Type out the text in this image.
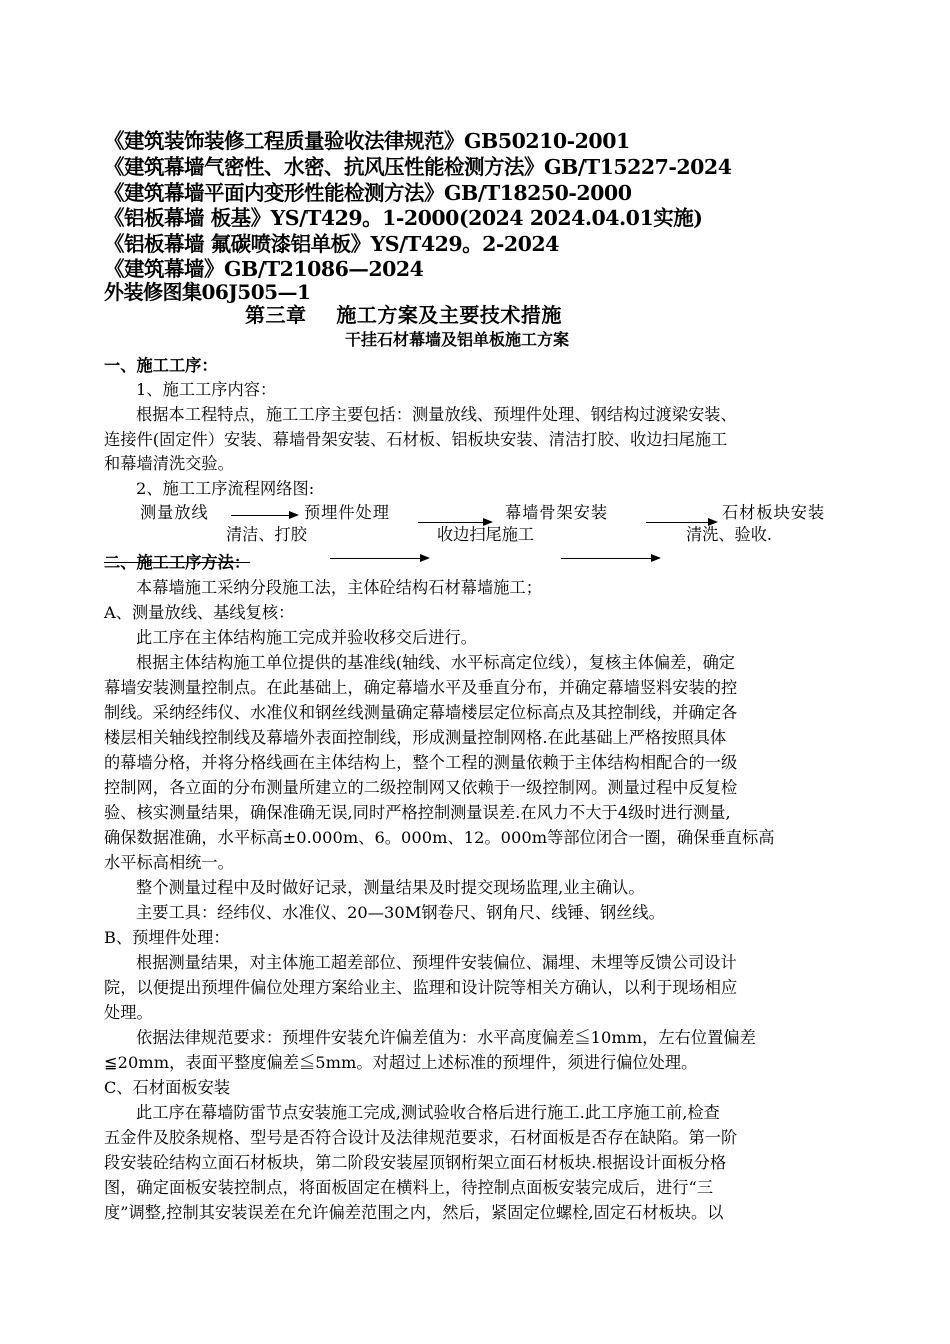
《建筑装饰装修工程质量验收法律规范》GB50210-2001
《建筑幕墙气密性、水密、抗风压性能检测方法》GB/T15227-2024
《建筑幕墙平面内变形性能检测方法》GB/T18250-2000
《铝板幕墙 板基》YS/T429。1-2000(2024 2024.04.01实施)
《铝板幕墙 氟碳喷漆铝单板》YS/T429。2-2024
《建筑幕墙》GB/T21086—2024
外装修图集06J505—1
第三章    施工方案及主要技术措施
干挂石材幕墙及铝单板施工方案
一、施工工序：
1、施工工序内容：
根据本工程特点，施工工序主要包括：测量放线、预埋件处理、钢结构过渡梁安装、
连接件(固定件）安装、幕墙骨架安装、石材板、铝板块安装、清洁打胶、收边扫尾施工
和幕墙清洗交验。
2、施工工序流程网络图:
测量放线	预埋件处理	幕墙骨架安装	石材板块安装
清洁、打胶	收边扫尾施工	清洗、验收.
二、施工工序方法：
本幕墙施工采纳分段施工法，主体砼结构石材幕墙施工；
A、测量放线、基线复核：
此工序在主体结构施工完成并验收移交后进行。
根据主体结构施工单位提供的基准线(轴线、水平标高定位线），复核主体偏差，确定
幕墙安装测量控制点。在此基础上，确定幕墙水平及垂直分布，并确定幕墙竖料安装的控
制线。采纳经纬仪、水准仪和钢丝线测量确定幕墙楼层定位标高点及其控制线，并确定各
楼层相关轴线控制线及幕墙外表面控制线，形成测量控制网格.在此基础上严格按照具体
的幕墙分格，并将分格线画在主体结构上，整个工程的测量依赖于主体结构相配合的一级
控制网，各立面的分布测量所建立的二级控制网又依赖于一级控制网。测量过程中反复检
验、核实测量结果，确保准确无误,同时严格控制测量误差.在风力不大于4级时进行测量,
确保数据准确，水平标高±0.000m、6。000m、12。000m等部位闭合一圈，确保垂直标高
水平标高相统一。
整个测量过程中及时做好记录，测量结果及时提交现场监理,业主确认。
主要工具：经纬仪、水准仪、20—30M钢卷尺、钢角尺、线锤、钢丝线。
B、预埋件处理：
根据测量结果，对主体施工超差部位、预埋件安装偏位、漏埋、未埋等反馈公司设计
院，以便提出预埋件偏位处理方案给业主、监理和设计院等相关方确认，以利于现场相应
处理。
依据法律规范要求：预埋件安装允许偏差值为：水平高度偏差≦10mm，左右位置偏差
≦20mm，表面平整度偏差≦5mm。对超过上述标准的预埋件，须进行偏位处理。
C、石材面板安装
此工序在幕墙防雷节点安装施工完成,测试验收合格后进行施工.此工序施工前,检查
五金件及胶条规格、型号是否符合设计及法律规范要求，石材面板是否存在缺陷。第一阶
段安装砼结构立面石材板块，第二阶段安装屋顶钢桁架立面石材板块.根据设计面板分格
图，确定面板安装控制点，将面板固定在横料上，待控制点面板安装完成后，进行“三
度”调整,控制其安装误差在允许偏差范围之内，然后，紧固定位螺栓,固定石材板块。以
